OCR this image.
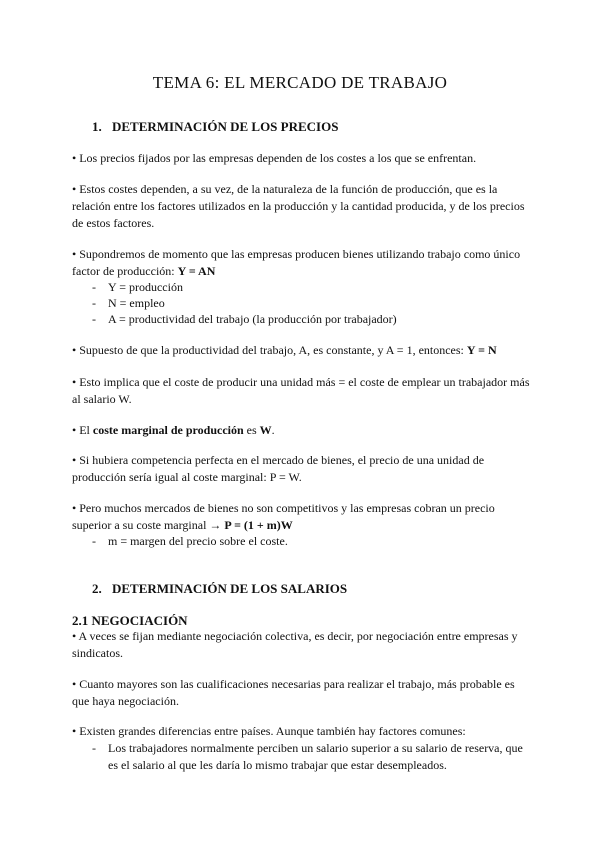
TEMA 6: EL MERCADO DE TRABAJO
1. DETERMINACIÓN DE LOS PRECIOS
• Los precios fijados por las empresas dependen de los costes a los que se enfrentan.
• Estos costes dependen, a su vez, de la naturaleza de la función de producción, que es la relación entre los factores utilizados en la producción y la cantidad producida, y de los precios de estos factores.
• Supondremos de momento que las empresas producen bienes utilizando trabajo como único factor de producción: Y = AN
-	Y = producción
-	N = empleo
-	A = productividad del trabajo (la producción por trabajador)
• Supuesto de que la productividad del trabajo, A, es constante, y A = 1, entonces: Y = N
• Esto implica que el coste de producir una unidad más = el coste de emplear un trabajador más al salario W.
• El coste marginal de producción es W.
• Si hubiera competencia perfecta en el mercado de bienes, el precio de una unidad de producción sería igual al coste marginal: P = W.
• Pero muchos mercados de bienes no son competitivos y las empresas cobran un precio superior a su coste marginal → P = (1 + m)W
-	m = margen del precio sobre el coste.
2. DETERMINACIÓN DE LOS SALARIOS
2.1 NEGOCIACIÓN
• A veces se fijan mediante negociación colectiva, es decir, por negociación entre empresas y sindicatos.
• Cuanto mayores son las cualificaciones necesarias para realizar el trabajo, más probable es que haya negociación.
• Existen grandes diferencias entre países. Aunque también hay factores comunes:
-	Los trabajadores normalmente perciben un salario superior a su salario de reserva, que es el salario al que les daría lo mismo trabajar que estar desempleados.
